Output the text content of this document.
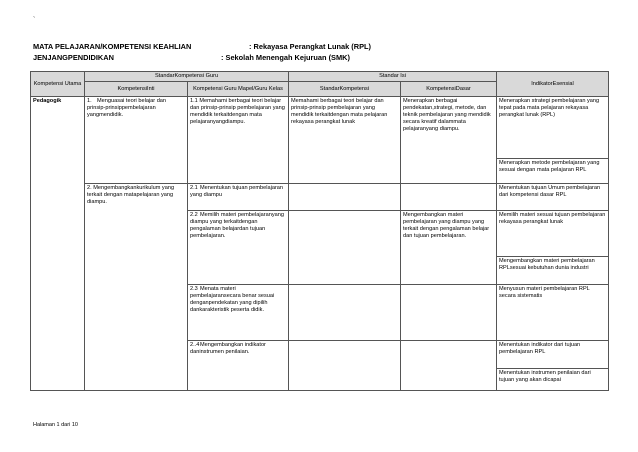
`
MATA PELAJARAN/KOMPETENSI KEAHLIAN	: Rekayasa Perangkat Lunak (RPL)
JENJANGPENDIDIKAN	: Sekolah Menengah Kejuruan (SMK)
Kompetensi Utama	StandarKompetensi Guru		Standar Isi		IndikatorEsensial
	KompetensiInti	Kompetensi Guru Mapel/Guru Kelas	StandarKompetensi	KompetensiDasar	
Pedagogik	1. Menguasai teori belajar dan prinsip-prinsippembelajaran yangmendidik.	1.1 Memahami berbagai teori belajar dan prinsip-prinsip pembelajaran yang mendidik terkaitdengan mata pelajaranyangdiampu.	Memahami berbagai teori belajar dan prinsip-prinsip pembelajaran yang mendidik terkaitdengan mata pelajaran rekayasa perangkat lunak	Menerapkan berbagai pendekatan,strategi, metode, dan teknik pembelajaran yang mendidik secara kreatif dalammata pelajaranyang diampu.	Menerapkan strategi pembelajaran yang tepat pada mata pelajaran rekayasa perangkat lunak (RPL)
					Menerapkan metode pembelajaran yang sesuai dengan mata pelajaran RPL
	2. Mengembangkankurikulum yang terkait dengan matapelajaran yang diampu.	2.1 Menentukan tujuan pembelajaran yang diampu			Menentukan tujuan Umum pembelajaran dari kompetensi dasar RPL
		2.2 Memilih materi pembelajaranyang diampu yang terkaitdengan pengalaman belajardan tujuan pembelajaran.		Mengembangkan materi pembelajaran yang diampu yang terkait dengan pengalaman belajar dan tujuan pembelajaran.	Memilih materi sesuai tujuan pembelajaran rekayasa perangkat lunak
					Mengembangkan materi pembelajaran RPLsesuai kebutuhan dunia industri
		2.3 Menata materi pembelajaransecara benar sesuai denganpendekatan yang dipilih dankarakteristik peserta didik.			Menyusun materi pembelajaran RPL secara sistematis
		2..4Mengembangkan indikator daninstrumen penilaian.			Menentukan indikator dari tujuan pembelajaran RPL
					Menentukan instrumen penilaian dari tujuan yang akan dicapai
Halaman 1 dari 10
